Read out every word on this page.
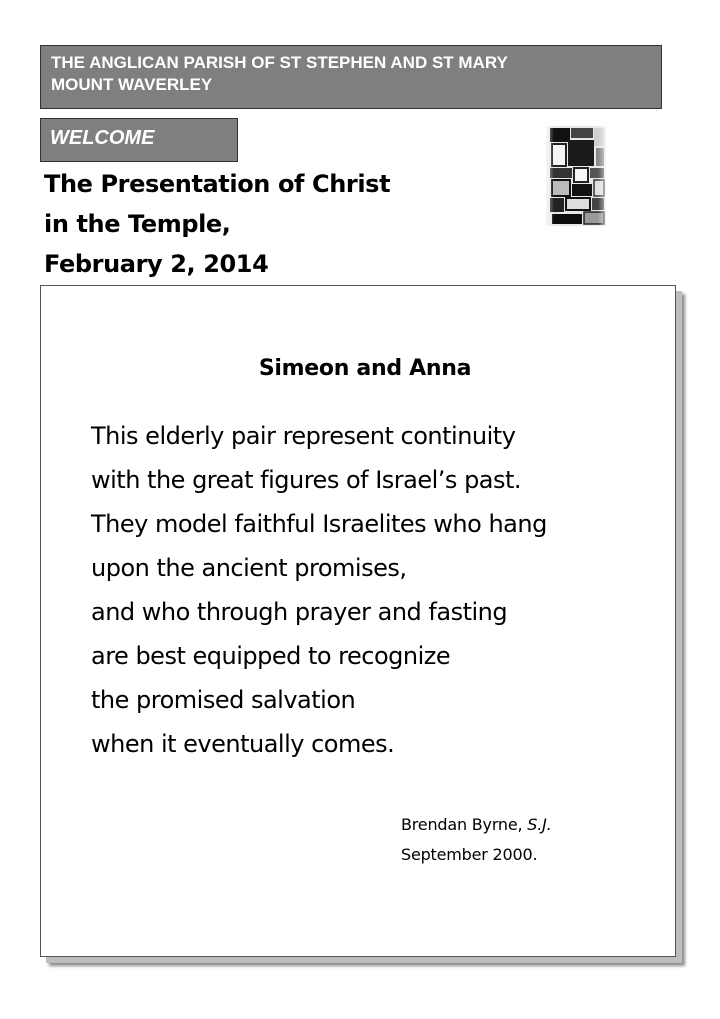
THE ANGLICAN PARISH OF ST STEPHEN AND ST MARY
MOUNT WAVERLEY
WELCOME
The Presentation of Christ
in the Temple,
February 2, 2014
Simeon and Anna
This elderly pair represent continuity
with the great figures of Israel’s past.
They model faithful Israelites who hang
upon the ancient promises,
and who through prayer and fasting
are best equipped to recognize
the promised salvation
when it eventually comes.
Brendan Byrne, S.J.
September 2000.
